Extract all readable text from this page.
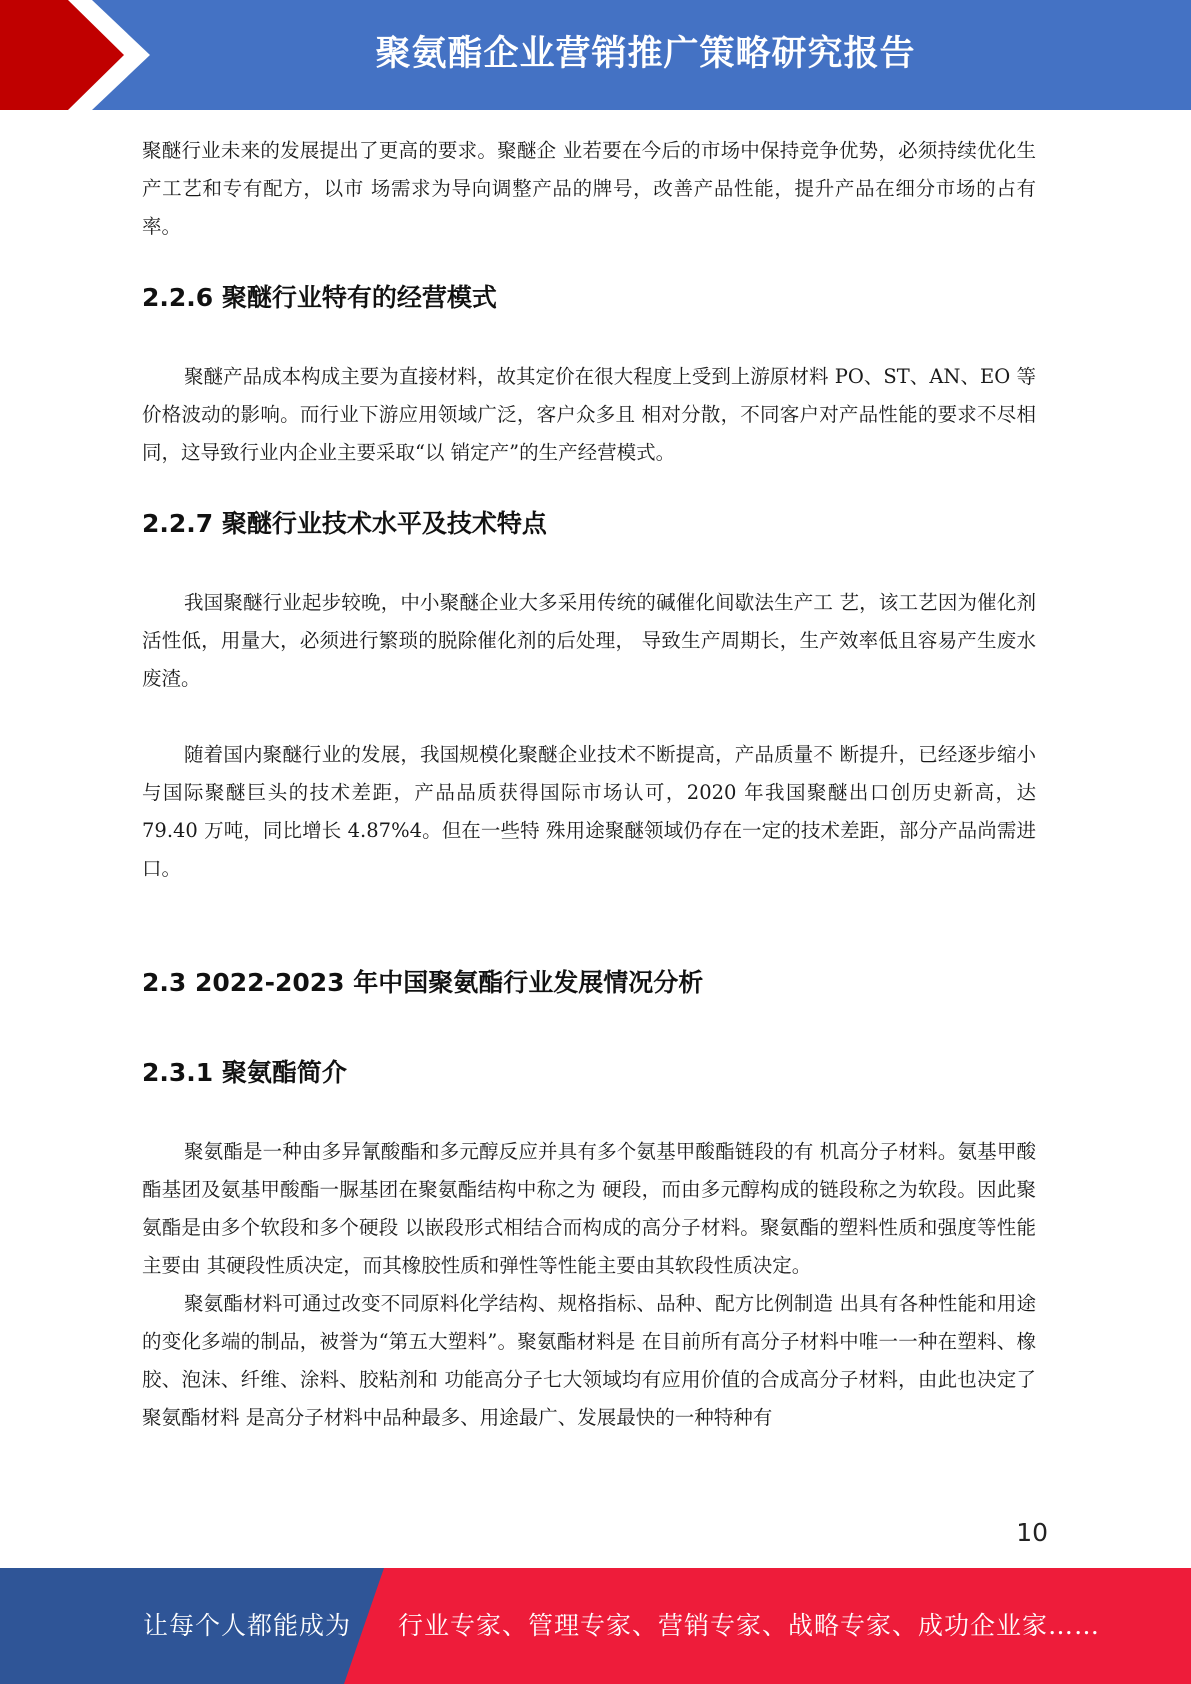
聚氨酯企业营销推广策略研究报告

聚醚行业未来的发展提出了更高的要求。聚醚企 业若要在今后的市场中保持竞争优势，必须持续优化生产工艺和专有配方，以市 场需求为导向调整产品的牌号，改善产品性能，提升产品在细分市场的占有率。

2.2.6 聚醚行业特有的经营模式

聚醚产品成本构成主要为直接材料，故其定价在很大程度上受到上游原材料 PO、ST、AN、EO 等价格波动的影响。而行业下游应用领域广泛，客户众多且 相对分散，不同客户对产品性能的要求不尽相同，这导致行业内企业主要采取“以 销定产”的生产经营模式。

2.2.7 聚醚行业技术水平及技术特点

我国聚醚行业起步较晚，中小聚醚企业大多采用传统的碱催化间歇法生产工 艺，该工艺因为催化剂活性低，用量大，必须进行繁琐的脱除催化剂的后处理， 导致生产周期长，生产效率低且容易产生废水废渣。

随着国内聚醚行业的发展，我国规模化聚醚企业技术不断提高，产品质量不 断提升，已经逐步缩小与国际聚醚巨头的技术差距，产品品质获得国际市场认可，2020 年我国聚醚出口创历史新高，达 79.40 万吨，同比增长 4.87%4。但在一些特 殊用途聚醚领域仍存在一定的技术差距，部分产品尚需进口。

2.3 2022-2023 年中国聚氨酯行业发展情况分析
2.3.1 聚氨酯简介

聚氨酯是一种由多异氰酸酯和多元醇反应并具有多个氨基甲酸酯链段的有 机高分子材料。氨基甲酸酯基团及氨基甲酸酯一脲基团在聚氨酯结构中称之为 硬段，而由多元醇构成的链段称之为软段。因此聚氨酯是由多个软段和多个硬段 以嵌段形式相结合而构成的高分子材料。聚氨酯的塑料性质和强度等性能主要由 其硬段性质决定，而其橡胶性质和弹性等性能主要由其软段性质决定。

聚氨酯材料可通过改变不同原料化学结构、规格指标、品种、配方比例制造 出具有各种性能和用途的变化多端的制品，被誉为“第五大塑料”。聚氨酯材料是 在目前所有高分子材料中唯一一种在塑料、橡胶、泡沫、纤维、涂料、胶粘剂和 功能高分子七大领域均有应用价值的合成高分子材料，由此也决定了聚氨酯材料 是高分子材料中品种最多、用途最广、发展最快的一种特种有

10
让每个人都能成为 行业专家、管理专家、营销专家、战略专家、成功企业家……
